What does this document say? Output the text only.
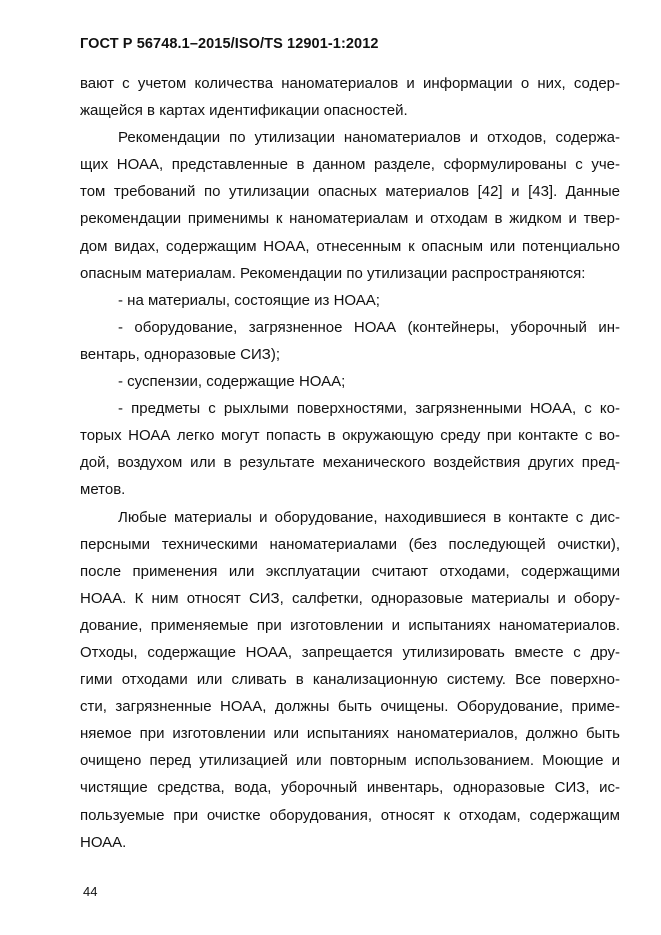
ГОСТ Р 56748.1–2015/ISO/TS 12901-1:2012
вают с учетом количества наноматериалов и информации о них, содер-
жащейся в картах идентификации опасностей.
Рекомендации по утилизации наноматериалов и отходов, содержа-
щих НОАА, представленные в данном разделе, сформулированы с уче-
том требований по утилизации опасных материалов [42] и [43]. Данные
рекомендации применимы к наноматериалам и отходам в жидком и твер-
дом видах, содержащим НОАА, отнесенным к опасным или потенциально
опасным материалам. Рекомендации по утилизации распространяются:
- на материалы, состоящие из НОАА;
- оборудование, загрязненное НОАА (контейнеры, уборочный ин-
вентарь, одноразовые СИЗ);
- суспензии, содержащие НОАА;
- предметы с рыхлыми поверхностями, загрязненными НОАА, с ко-
торых НОАА легко могут попасть в окружающую среду при контакте с во-
дой, воздухом или в результате механического воздействия других пред-
метов.
Любые материалы и оборудование, находившиеся в контакте с дис-
персными техническими наноматериалами (без последующей очистки),
после применения или эксплуатации считают отходами, содержащими
НОАА. К ним относят СИЗ, салфетки, одноразовые материалы и обору-
дование, применяемые при изготовлении и испытаниях наноматериалов.
Отходы, содержащие НОАА, запрещается утилизировать вместе с дру-
гими отходами или сливать в канализационную систему. Все поверхно-
сти, загрязненные НОАА, должны быть очищены. Оборудование, приме-
няемое при изготовлении или испытаниях наноматериалов, должно быть
очищено перед утилизацией или повторным использованием. Моющие и
чистящие средства, вода, уборочный инвентарь, одноразовые СИЗ, ис-
пользуемые при очистке оборудования, относят к отходам, содержащим
НОАА.
44
